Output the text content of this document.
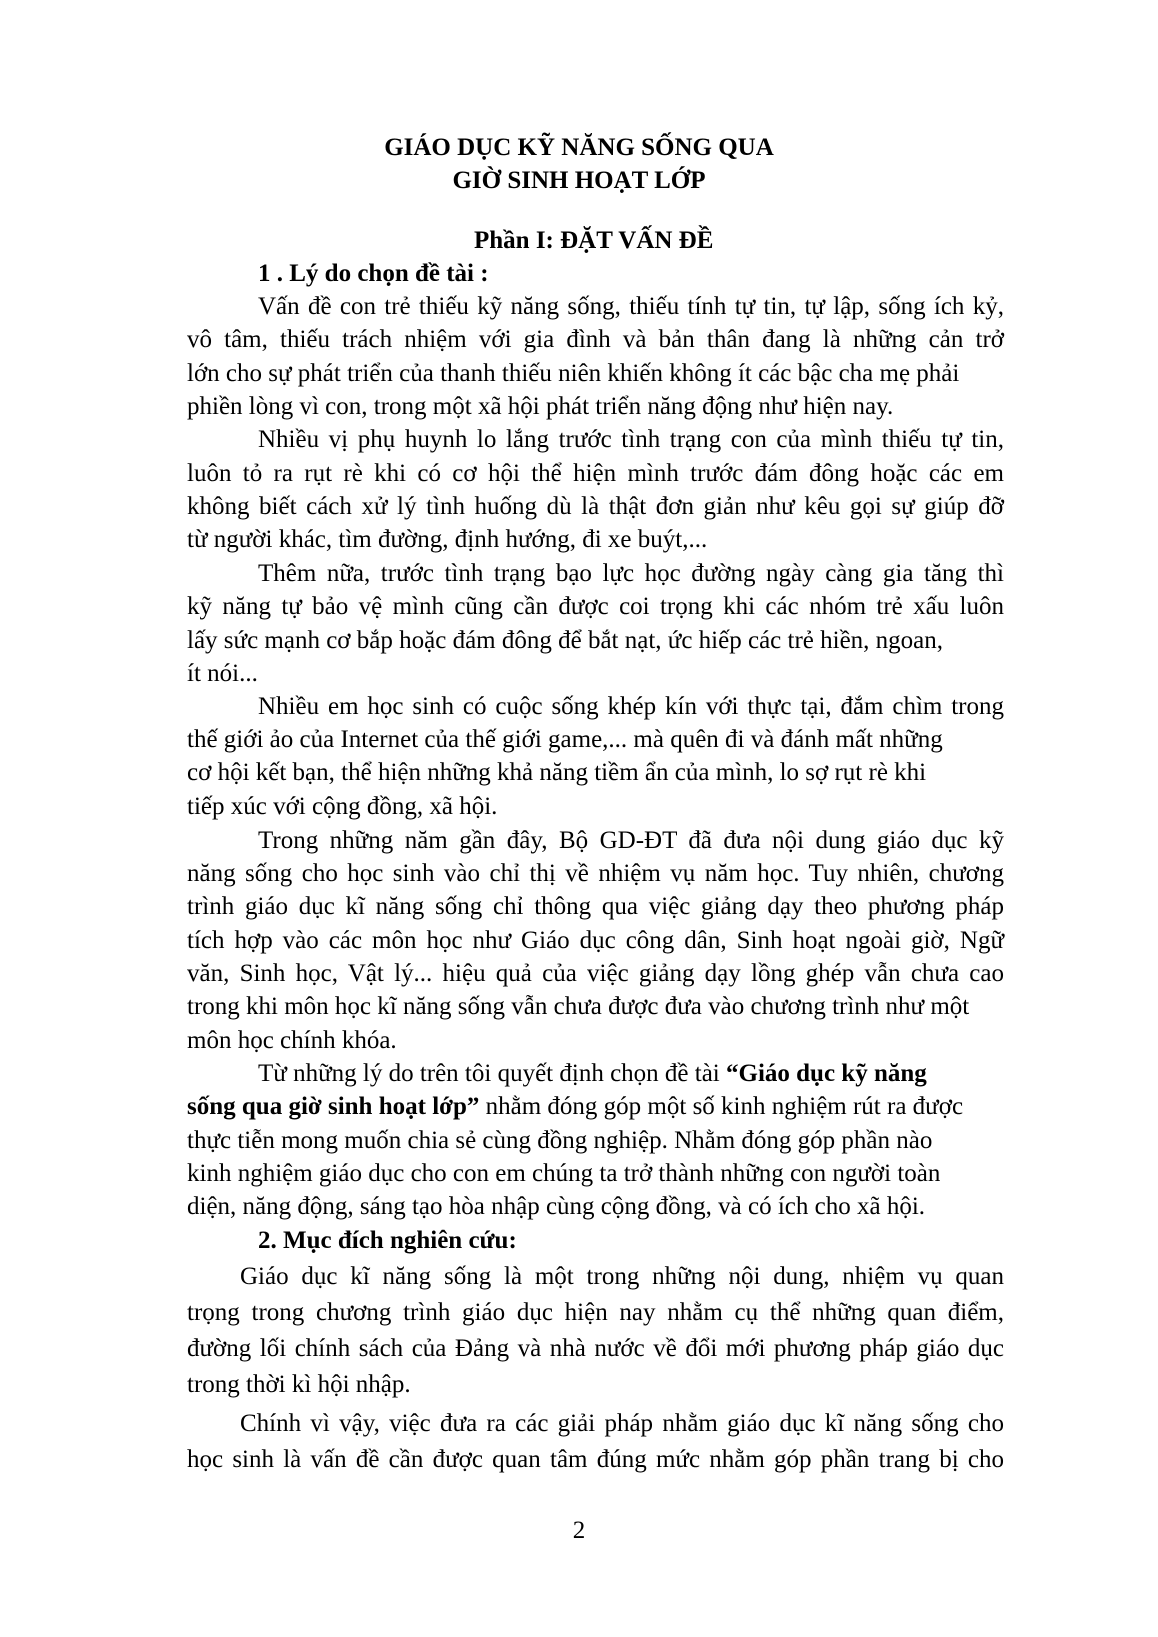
GIÁO DỤC KỸ NĂNG SỐNG QUA
GIỜ SINH HOẠT LỚP
Phần I: ĐẶT VẤN ĐỀ
1 . Lý do chọn đề tài :
Vấn đề con trẻ thiếu kỹ năng sống, thiếu tính tự tin, tự lập, sống ích kỷ,
vô tâm, thiếu trách nhiệm với gia đình và bản thân đang là những cản trở
lớn cho sự phát triển của thanh thiếu niên khiến không ít các bậc cha mẹ phải
phiền lòng vì con, trong một xã hội phát triển năng động như hiện nay.
Nhiều vị phụ huynh lo lắng trước tình trạng con của mình thiếu tự tin,
luôn tỏ ra rụt rè khi có cơ hội thể hiện mình trước đám đông hoặc các em
không biết cách xử lý tình huống dù là thật đơn giản như kêu gọi sự giúp đỡ
từ người khác, tìm đường, định hướng, đi xe buýt,...
Thêm nữa, trước tình trạng bạo lực học đường ngày càng gia tăng thì
kỹ năng tự bảo vệ mình cũng cần được coi trọng khi các nhóm trẻ xấu luôn
lấy sức mạnh cơ bắp hoặc đám đông để bắt nạt, ức hiếp các trẻ hiền, ngoan,
ít nói...
Nhiều em học sinh có cuộc sống khép kín với thực tại, đắm chìm trong
thế giới ảo của Internet của thế giới game,... mà quên đi và đánh mất những
cơ hội kết bạn, thể hiện những khả năng tiềm ẩn của mình, lo sợ rụt rè khi
tiếp xúc với cộng đồng, xã hội.
Trong những năm gần đây, Bộ GD-ĐT đã đưa nội dung giáo dục kỹ
năng sống cho học sinh vào chỉ thị về nhiệm vụ năm học. Tuy nhiên, chương
trình giáo dục kĩ năng sống chỉ thông qua việc giảng dạy theo phương pháp
tích hợp vào các môn học như Giáo dục công dân, Sinh hoạt ngoài giờ, Ngữ
văn, Sinh học, Vật lý... hiệu quả của việc giảng dạy lồng ghép vẫn chưa cao
trong khi môn học kĩ năng sống vẫn chưa được đưa vào chương trình như một
môn học chính khóa.
Từ những lý do trên tôi quyết định chọn đề tài “Giáo dục kỹ năng
sống qua giờ sinh hoạt lớp” nhằm đóng góp một số kinh nghiệm rút ra được
thực tiễn mong muốn chia sẻ cùng đồng nghiệp. Nhằm đóng góp phần nào
kinh nghiệm giáo dục cho con em chúng ta trở thành những con người toàn
diện, năng động, sáng tạo hòa nhập cùng cộng đồng, và có ích cho xã hội.
2. Mục đích nghiên cứu:
Giáo dục kĩ năng sống là một trong những nội dung, nhiệm vụ quan
trọng trong chương trình giáo dục hiện nay nhằm cụ thể những quan điểm,
đường lối chính sách của Đảng và nhà nước về đổi mới phương pháp giáo dục
trong thời kì hội nhập.
Chính vì vậy, việc đưa ra các giải pháp nhằm giáo dục kĩ năng sống cho
học sinh là vấn đề cần được quan tâm đúng mức nhằm góp phần trang bị cho
2
